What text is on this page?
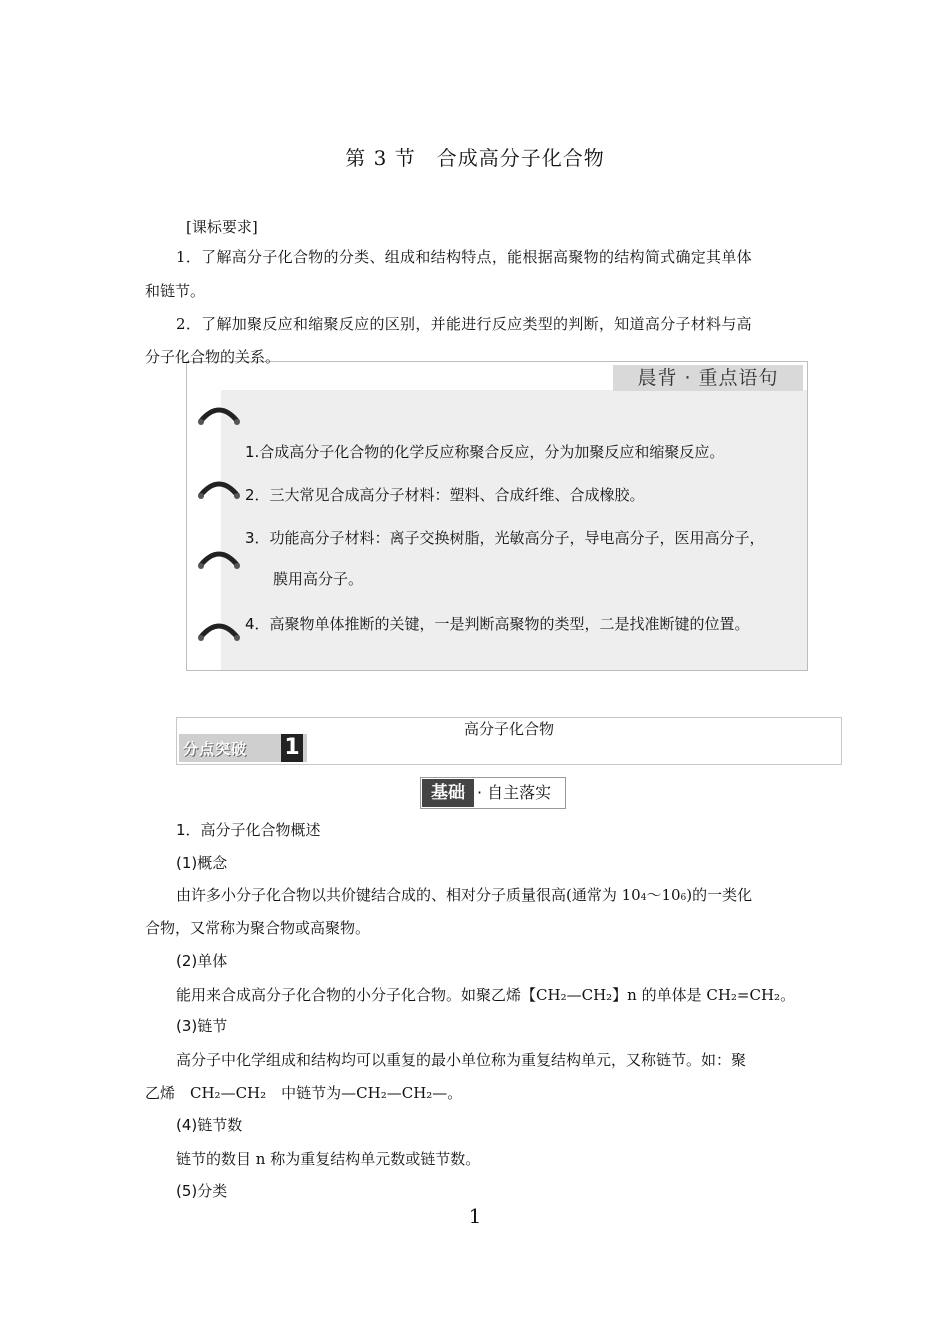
第 3 节　合成高分子化合物
[课标要求]
1．了解高分子化合物的分类、组成和结构特点，能根据高聚物的结构简式确定其单体
和链节。
2．了解加聚反应和缩聚反应的区别，并能进行反应类型的判断，知道高分子材料与高
晨背 · 重点语句
1.合成高分子化合物的化学反应称聚合反应，分为加聚反应和缩聚反应。
2．三大常见合成高分子材料：塑料、合成纤维、合成橡胶。
3．功能高分子材料：离子交换树脂，光敏高分子，导电高分子，医用高分子，
膜用高分子。
4．高聚物单体推断的关键，一是判断高聚物的类型，二是找准断键的位置。
分子化合物的关系。
高分子化合物
分点突破 1
基础 · 自主落实
1．高分子化合物概述
(1)概念
由许多小分子化合物以共价键结合成的、相对分子质量很高(通常为 104～106)的一类化
合物，又常称为聚合物或高聚物。
(2)单体
能用来合成高分子化合物的小分子化合物。如聚乙烯【CH₂—CH₂】n 的单体是 CH₂=CH₂。
(3)链节
高分子中化学组成和结构均可以重复的最小单位称为重复结构单元，又称链节。如：聚
乙烯　CH₂—CH₂　中链节为—CH₂—CH₂—。
(4)链节数
链节的数目 n 称为重复结构单元数或链节数。
(5)分类
1
